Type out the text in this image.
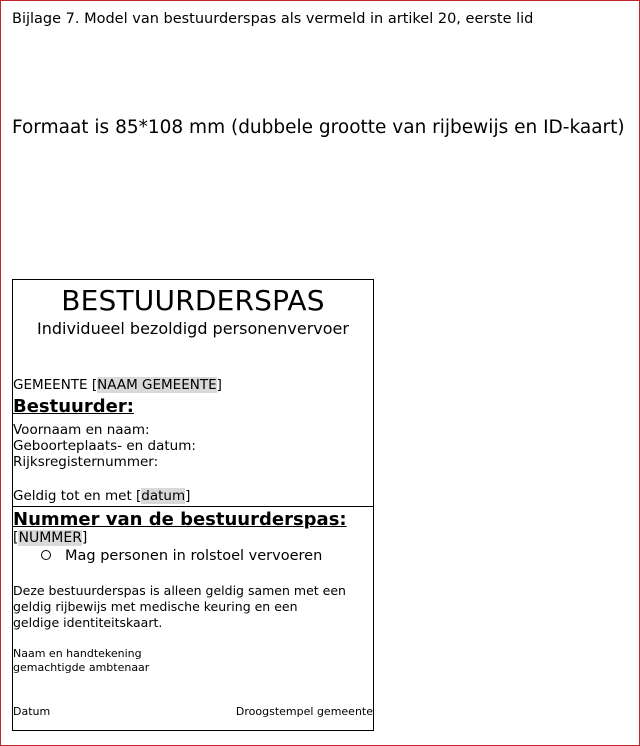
Bijlage 7. Model van bestuurderspas als vermeld in artikel 20, eerste lid
Formaat is 85*108 mm (dubbele grootte van rijbewijs en ID-kaart)
BESTUURDERSPAS
Individueel bezoldigd personenvervoer
GEMEENTE [NAAM GEMEENTE]
Bestuurder:
Voornaam en naam:
Geboorteplaats- en datum:
Rijksregisternummer:
Geldig tot en met [datum]
Nummer van de bestuurderspas:
[NUMMER]
Mag personen in rolstoel vervoeren
Deze bestuurderspas is alleen geldig samen met een
geldig rijbewijs met medische keuring en een
geldige identiteitskaart.
Naam en handtekening
gemachtigde ambtenaar
Datum	Droogstempel gemeente
